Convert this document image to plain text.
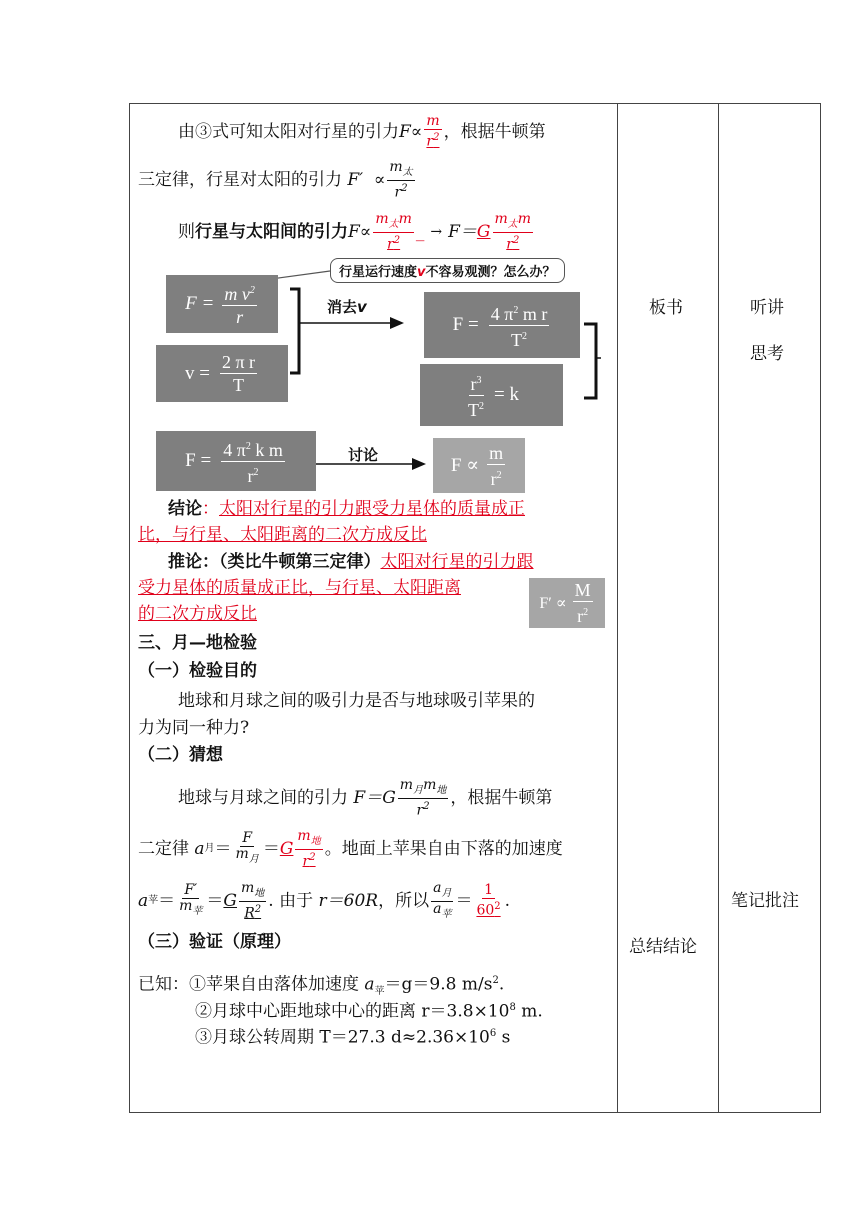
板书	听讲
思考
笔记批注
总结结论
由③式可知太阳对行星的引力 $F \propto \frac{m}{r^2}$ ，根据牛顿第
三定律，行星对太阳的引力
F′
∝ $\frac{m_太}{r^2}$
则 行星与太阳间的引力 $F \propto \frac{m_太m}{r^2}$ _ → F＝ G $\frac{m_太m}{r^2}$
行星运行速度v不容易观测？怎么办？
消去v
讨论
$F = \frac{m v^2}{r}$
$v = \frac{\text{2 π r}}{T}$
$F = \frac{4 \pi^2 m r}{T^2}$
$\frac{r^3}{T^2} = k$
$F = \frac{4 \pi^2 k m}{r^2}$	$F \propto \frac{m}{r^2}$
结论：太阳对行星的引力跟受力星体的质量成正
比，与行星、太阳距离的二次方成反比
推论：（类比牛顿第三定律）太阳对行星的引力跟
受力星体的质量成正比，与行星、太阳距离
的二次方成反比
$F' \propto \frac{M}{r^2}$
三、月—地检验
（一）检验目的
地球和月球之间的吸引力是否与地球吸引苹果的
力为同一种力?
（二）猜想
地球与月球之间的引力
$F=G \frac{m_月m_地}{r^2}$ ，根据牛顿第
二定律
a 月 ＝ $\frac{F}{m_月} = G \frac{m_地}{r^2}$ 。地面上苹果自由下落的加速度
a 苹 ＝ $\frac{F'}{m_苹} = G \frac{m_地}{R^2}$ . 由于
r＝60R ，所以 $\frac{a_月}{a_苹} = \frac{1}{60^2}$ .
（三）验证（原理）
已知：①苹果自由落体加速度 $a_苹=g=9.8$ $m/s^2$.
②月球中心距地球中心的距离 $r=3.8\times 10^8$ m.
③月球公转周期 T＝27.3 $d\approx 2.36\times 10^6$ s
